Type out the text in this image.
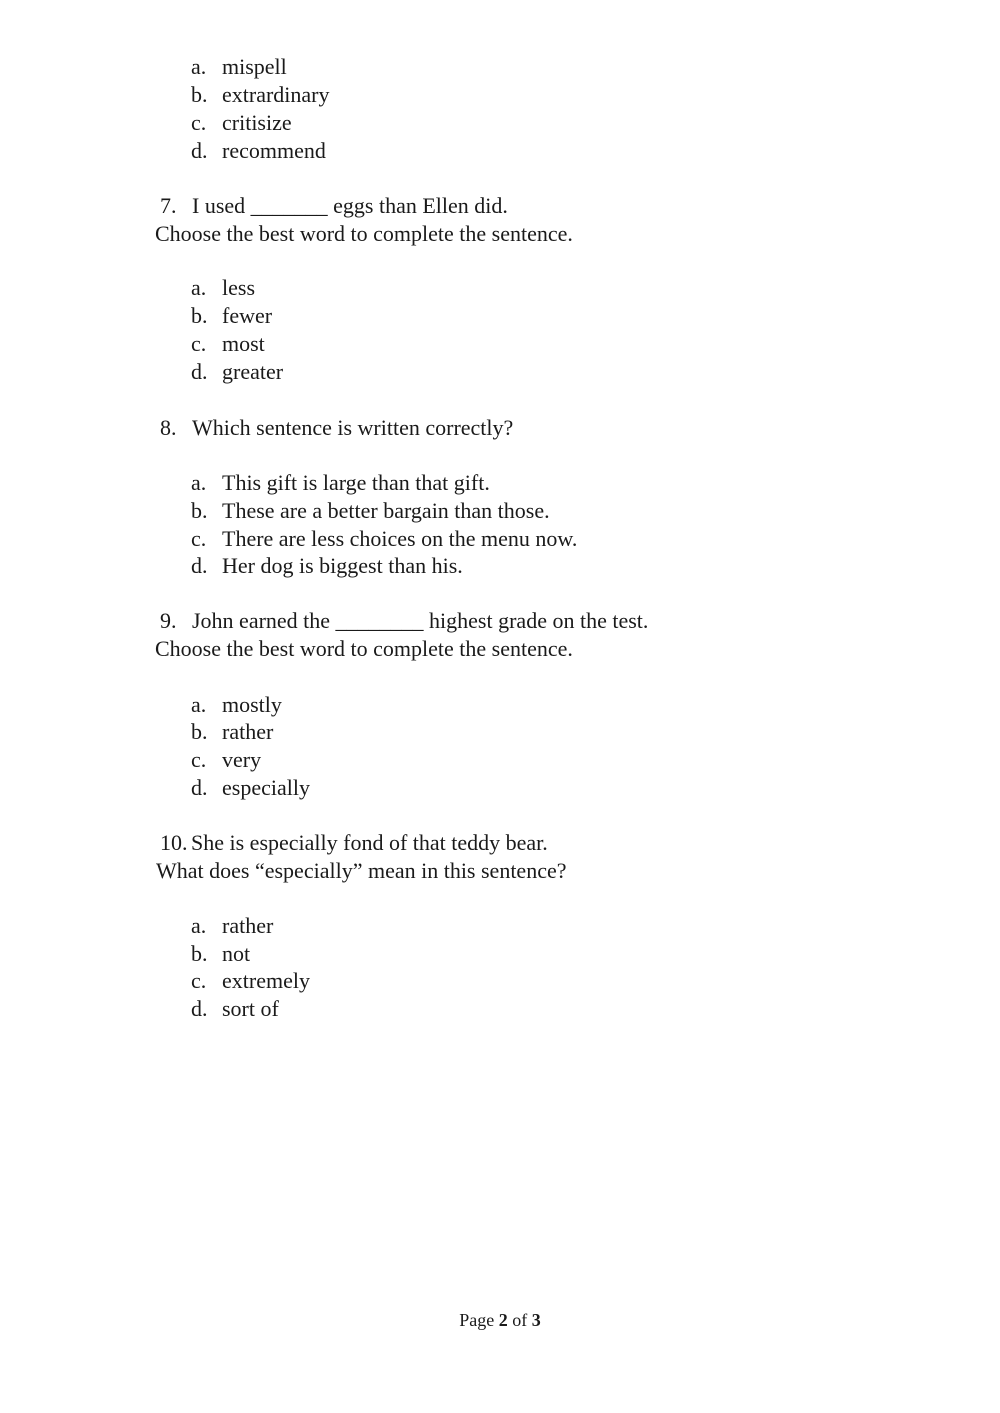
a. mispell
b. extrardinary
c. critisize
d. recommend
7. I used _______ eggs than Ellen did.
Choose the best word to complete the sentence.
a. less
b. fewer
c. most
d. greater
8. Which sentence is written correctly?
a. This gift is large than that gift.
b. These are a better bargain than those.
c. There are less choices on the menu now.
d. Her dog is biggest than his.
9. John earned the ________ highest grade on the test.
Choose the best word to complete the sentence.
a. mostly
b. rather
c. very
d. especially
10. She is especially fond of that teddy bear.
What does “especially” mean in this sentence?
a. rather
b. not
c. extremely
d. sort of
Page 2 of 3
